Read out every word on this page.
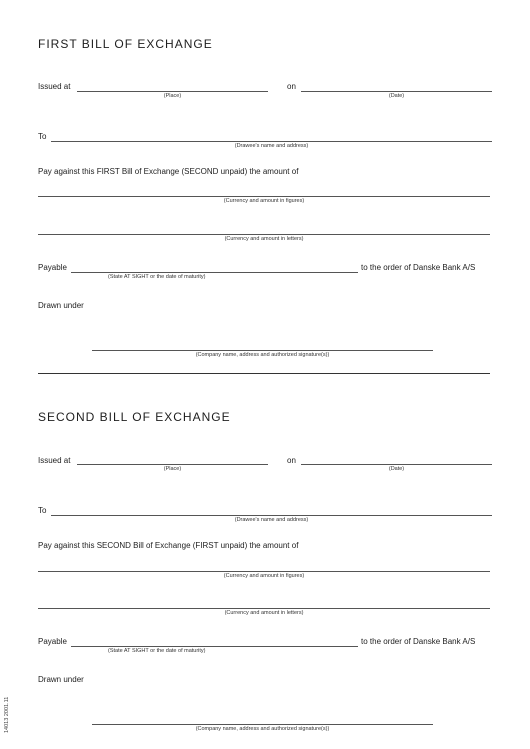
FIRST BILL OF EXCHANGE
Issued at
(Place)
on
(Date)
To
(Drawee's name and address)
Pay against this FIRST Bill of Exchange (SECOND unpaid) the amount of
(Currency and amount in figures)
(Currency and amount in letters)
Payable
(State AT SIGHT or the date of maturity)
to the order of Danske Bank A/S
Drawn under
(Company name, address and authorized signature(s))
SECOND BILL OF EXCHANGE
Issued at
(Place)
on
(Date)
To
(Drawee's name and address)
Pay against this SECOND Bill of Exchange (FIRST unpaid) the amount of
(Currency and amount in figures)
(Currency and amount in letters)
Payable
(State AT SIGHT or the date of maturity)
to the order of Danske Bank A/S
Drawn under
(Company name, address and authorized signature(s))
14013 2001.11
